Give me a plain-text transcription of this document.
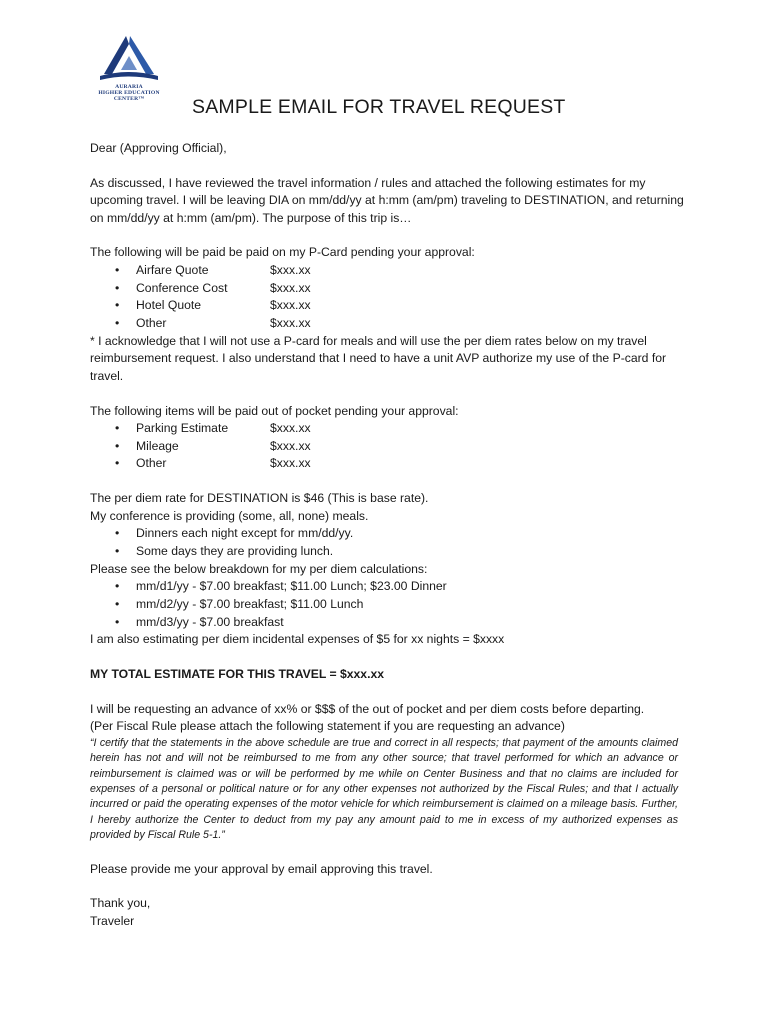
AURARIA
HIGHER EDUCATION
CENTER™	SAMPLE EMAIL FOR TRAVEL REQUEST

Dear (Approving Official),

As discussed, I have reviewed the travel information / rules and attached the following estimates for my upcoming travel. I will be leaving DIA on mm/dd/yy at h:mm (am/pm) traveling to DESTINATION, and returning on mm/dd/yy at h:mm (am/pm). The purpose of this trip is…

The following will be paid be paid on my P-Card pending your approval:

• Airfare Quote	$xxx.xx
• Conference Cost	$xxx.xx
• Hotel Quote	$xxx.xx
• Other	$xxx.xx

* I acknowledge that I will not use a P-card for meals and will use the per diem rates below on my travel reimbursement request. I also understand that I need to have a unit AVP authorize my use of the P-card for travel.

The following items will be paid out of pocket pending your approval:

• Parking Estimate	$xxx.xx
• Mileage	$xxx.xx
• Other	$xxx.xx

The per diem rate for DESTINATION is $46 (This is base rate).

My conference is providing (some, all, none) meals.

• Dinners each night except for mm/dd/yy.
• Some days they are providing lunch.

Please see the below breakdown for my per diem calculations:

• mm/d1/yy - $7.00 breakfast; $11.00 Lunch; $23.00 Dinner
• mm/d2/yy - $7.00 breakfast; $11.00 Lunch
• mm/d3/yy - $7.00 breakfast

I am also estimating per diem incidental expenses of $5 for xx nights = $xxxx

MY TOTAL ESTIMATE FOR THIS TRAVEL = $xxx.xx

I will be requesting an advance of xx% or $$$ of the out of pocket and per diem costs before departing.

(Per Fiscal Rule please attach the following statement if you are requesting an advance)

“I certify that the statements in the above schedule are true and correct in all respects; that payment of the amounts claimed herein has not and will not be reimbursed to me from any other source; that travel performed for which an advance or reimbursement is claimed was or will be performed by me while on Center Business and that no claims are included for expenses of a personal or political nature or for any other expenses not authorized by the Fiscal Rules; and that I actually incurred or paid the operating expenses of the motor vehicle for which reimbursement is claimed on a mileage basis. Further, I hereby authorize the Center to deduct from my pay any amount paid to me in excess of my authorized expenses as provided by Fiscal Rule 5-1.”

Please provide me your approval by email approving this travel.

Thank you,

Traveler
